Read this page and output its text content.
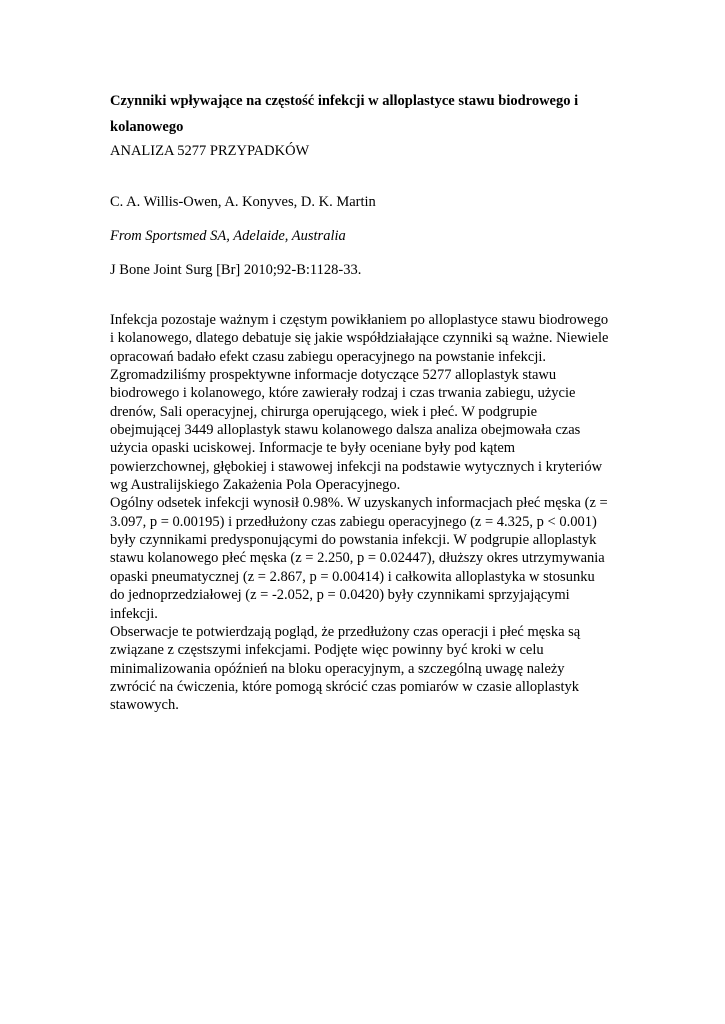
Czynniki wpływające na częstość infekcji w alloplastyce stawu biodrowego i kolanowego

ANALIZA 5277 PRZYPADKÓW

C. A. Willis-Owen, A. Konyves, D. K. Martin

From Sportsmed SA, Adelaide, Australia

J Bone Joint Surg [Br] 2010;92-B:1128-33.

Infekcja pozostaje ważnym i częstym powikłaniem po alloplastyce stawu biodrowego
i kolanowego, dlatego debatuje się jakie współdziałające czynniki są ważne. Niewiele
opracowań badało efekt czasu zabiegu operacyjnego na powstanie infekcji.
Zgromadziliśmy prospektywne informacje dotyczące 5277 alloplastyk stawu
biodrowego i kolanowego, które zawierały rodzaj i czas trwania zabiegu, użycie
drenów, Sali operacyjnej, chirurga operującego, wiek i płeć. W podgrupie
obejmującej 3449 alloplastyk stawu kolanowego dalsza analiza obejmowała czas
użycia opaski uciskowej. Informacje te były oceniane były pod kątem
powierzchownej, głębokiej i stawowej infekcji na podstawie wytycznych i kryteriów
wg Australijskiego Zakażenia Pola Operacyjnego.

Ogólny odsetek infekcji wynosił 0.98%. W uzyskanych informacjach płeć męska (z =
3.097, p = 0.00195) i przedłużony czas zabiegu operacyjnego (z = 4.325, p < 0.001)
były czynnikami predysponującymi do powstania infekcji. W podgrupie alloplastyk
stawu kolanowego płeć męska (z = 2.250, p = 0.02447), dłuższy okres utrzymywania
opaski pneumatycznej (z = 2.867, p = 0.00414) i całkowita alloplastyka w stosunku
do jednoprzedziałowej (z = -2.052, p = 0.0420) były czynnikami sprzyjającymi
infekcji.

Obserwacje te potwierdzają pogląd, że przedłużony czas operacji i płeć męska są
związane z częstszymi infekcjami. Podjęte więc powinny być kroki w celu
minimalizowania opóźnień na bloku operacyjnym, a szczególną uwagę należy
zwrócić na ćwiczenia, które pomogą skrócić czas pomiarów w czasie alloplastyk
stawowych.
